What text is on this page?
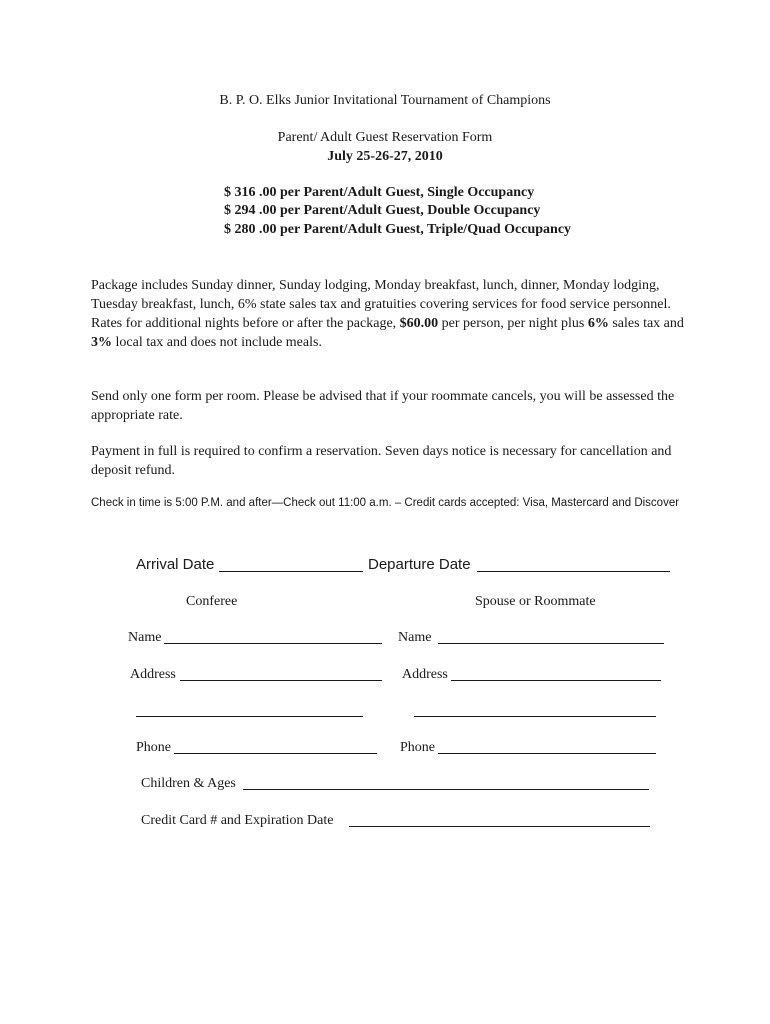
B. P. O. Elks Junior Invitational Tournament of Champions
Parent/ Adult Guest Reservation Form
July 25-26-27, 2010
$ 316 .00 per Parent/Adult Guest, Single Occupancy
$ 294 .00 per Parent/Adult Guest, Double Occupancy
$ 280 .00 per Parent/Adult Guest, Triple/Quad Occupancy
Package includes Sunday dinner, Sunday lodging, Monday breakfast, lunch, dinner, Monday lodging, Tuesday breakfast, lunch, 6% state sales tax and gratuities covering services for food service personnel. Rates for additional nights before or after the package, $60.00 per person, per night plus 6% sales tax and 3% local tax and does not include meals.
Send only one form per room. Please be advised that if your roommate cancels, you will be assessed the appropriate rate.
Payment in full is required to confirm a reservation. Seven days notice is necessary for cancellation and deposit refund.
Check in time is 5:00 P.M. and after—Check out 11:00 a.m. – Credit cards accepted: Visa, Mastercard and Discover
Arrival Date	Departure Date
Conferee	Spouse or Roommate
Name	Name
Address	Address
Phone	Phone
Children & Ages
Credit Card # and Expiration Date
